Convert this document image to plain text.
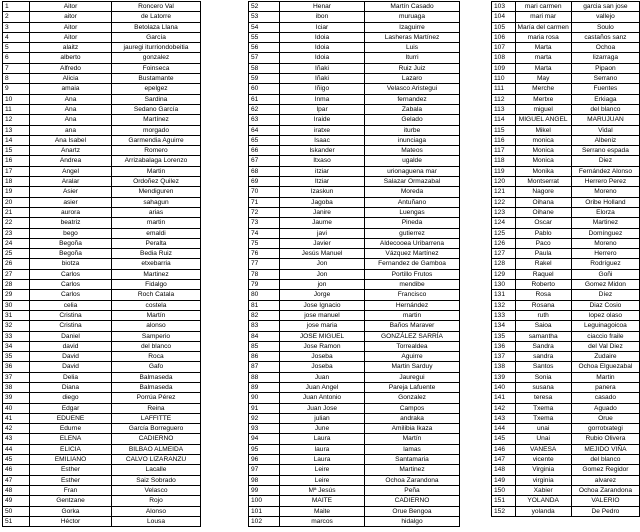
1	Aitor	Roncero Val
2	aitor	de Latorre
3	Aitor	Betolaza Llana
4	Aitor	García
5	alaitz	jauregi iturriondobeitia
6	alberto	gonzalez
7	Alfredo	Foinseca
8	Alicia	Bustamante
9	amaia	epelgez
10	Ana	Sardina
11	Ana	Sedano García
12	Ana	Martínez
13	ana	morgado
14	Ana Isabel	Garmendia Aguirre
15	Anartz	Romero
16	Andrea	Arrizabalaga Lorenzo
17	Angel	Martin
18	Aralar	Ordoñez Quilez
19	Asier	Mendiguren
20	asier	sahagun
21	aurora	arias
22	beatriz	martin
23	bego	emaldi
24	Begoña	Peralta
25	Begoña	Bedia Ruiz
26	biotza	etxebarria
27	Carlos	Martinez
28	Carlos	Fidalgo
29	Carlos	Roch Catala
30	celia	costela
31	Cristina	Martín
32	Cristina	alonso
33	Daniel	Samperio
34	david	del blanco
35	David	Roca
36	David	Gafo
37	Delia	Balmaseda
38	Diana	Balmaseda
39	diego	Porrúa Pérez
40	Edgar	Reina
41	EDUENE	LAFFITTE
42	Edurne	García Borreguero
43	ELENA	CADIERNO
44	ELICIA	BILBAO ALMEIDA
45	EMILIANO	CALVO LIZARANZU
46	Esther	Lacalle
47	Esther	Saiz Sobrado
48	Fran	Velasco
49	Gentzane	Rojo
50	Gorka	Alonso
51	Héctor	Lousa
52	Henar	Martín Casado
53	ibon	muruaga
54	Iciar	Izaguirre
55	Idoia	Lasheras Martínez
56	Idoia	Luis
57	Idoia	Iturri
58	Iñaki	Ruiz Juiz
59	Iñaki	Lazaro
60	Iñigo	Velasco Aristegui
61	Inma	fernandez
62	Ipar	Zabala
63	Iraide	Gelado
64	iratxe	iturbe
65	Isaac	inunciaga
66	Iskander	Mateos
67	Itxaso	ugalde
68	itziar	urionaguena mar
69	Itziar	Salazar Ormazabal
70	Izaskun	Moreda
71	Jagoba	Antuñano
72	Janire	Luengas
73	Jaume	Pineda
74	javi	gutierrez
75	Javier	Aldecooea Uribarrena
76	Jesús Manuel	Vázquez Martínez
77	Jon	Fernandez de Gamboa
78	Jon	Portillo Frutos
79	jon	mendibe
80	Jorge	Francisco
81	Jose Ignacio	Hernández
82	jose manuel	martin
83	jose maria	Baños Maraver
84	JOSE MIGUEL	GONZÁLEZ SARRÍA
85	Jose Ramon	Torrealdea
86	Joseba	Aguirre
87	Joseba	Martin Sarduy
88	Juan	Jauregui
89	Juan Angel	Pareja Lafuente
90	Juan Antonio	Gonzalez
91	Juan Jose	Campos
92	julian	andraka
93	June	Amilibia Ikaza
94	Laura	Martín
95	laura	lamas
96	Laura	Santamaria
97	Leire	Martinez
98	Leire	Ochoa Zarandona
99	Mª Jesús	Peña
100	MAITE	CADIERNO
101	Maite	Orue Bengoa
102	marcos	hidalgo
103	mari carmen	garcia san jose
104	mari mar	vallejo
105	María del carmen	Soulo
106	maria rosa	castaños sanz
107	Marta	Ochoa
108	marta	lizarraga
109	Marta	Pipaon
110	May	Serrano
111	Merche	Fuentes
112	Mertxe	Erkiaga
113	miguel	del blanco
114	MIGUEL ANGEL	MARUJUAN
115	Mikel	Vidal
116	monica	Albeniz
117	Monica	Serrano espada
118	Monica	Diez
119	Monika	Fernández Alonso
120	Montserrat	Herrero Perez
121	Nagore	Moreno
122	Oihana	Oribe Holland
123	Oihane	Elorza
124	Oscar	Martinez
125	Pablo	Domínguez
126	Paco	Moreno
127	Paula	Herrero
128	Rakel	Rodríguez
129	Raquel	Goñi
130	Roberto	Gomez Midon
131	Rosa	Díez
132	Rosana	Diaz Cosio
133	ruth	lopez olaso
134	Saioa	Leguinagoicoa
135	samantha	ciaccio fraile
136	Sandra	del Val Diez
137	sandra	Zudaire
138	Santos	Ochoa Elguezabal
139	Sonia	Martin
140	susana	panera
141	teresa	casado
142	Txema	Aguado
143	Txema	Orue
144	unai	gorrotxategi
145	Unai	Rubio Olivera
146	VANESA	MEJIDO VIÑA
147	vicente	del blanco
148	Virginia	Gomez Regidor
149	virginia	alvarez
150	Xabier	Ochoa Zarandona
151	YOLANDA	VALERIO
152	yolanda	De Pedro
